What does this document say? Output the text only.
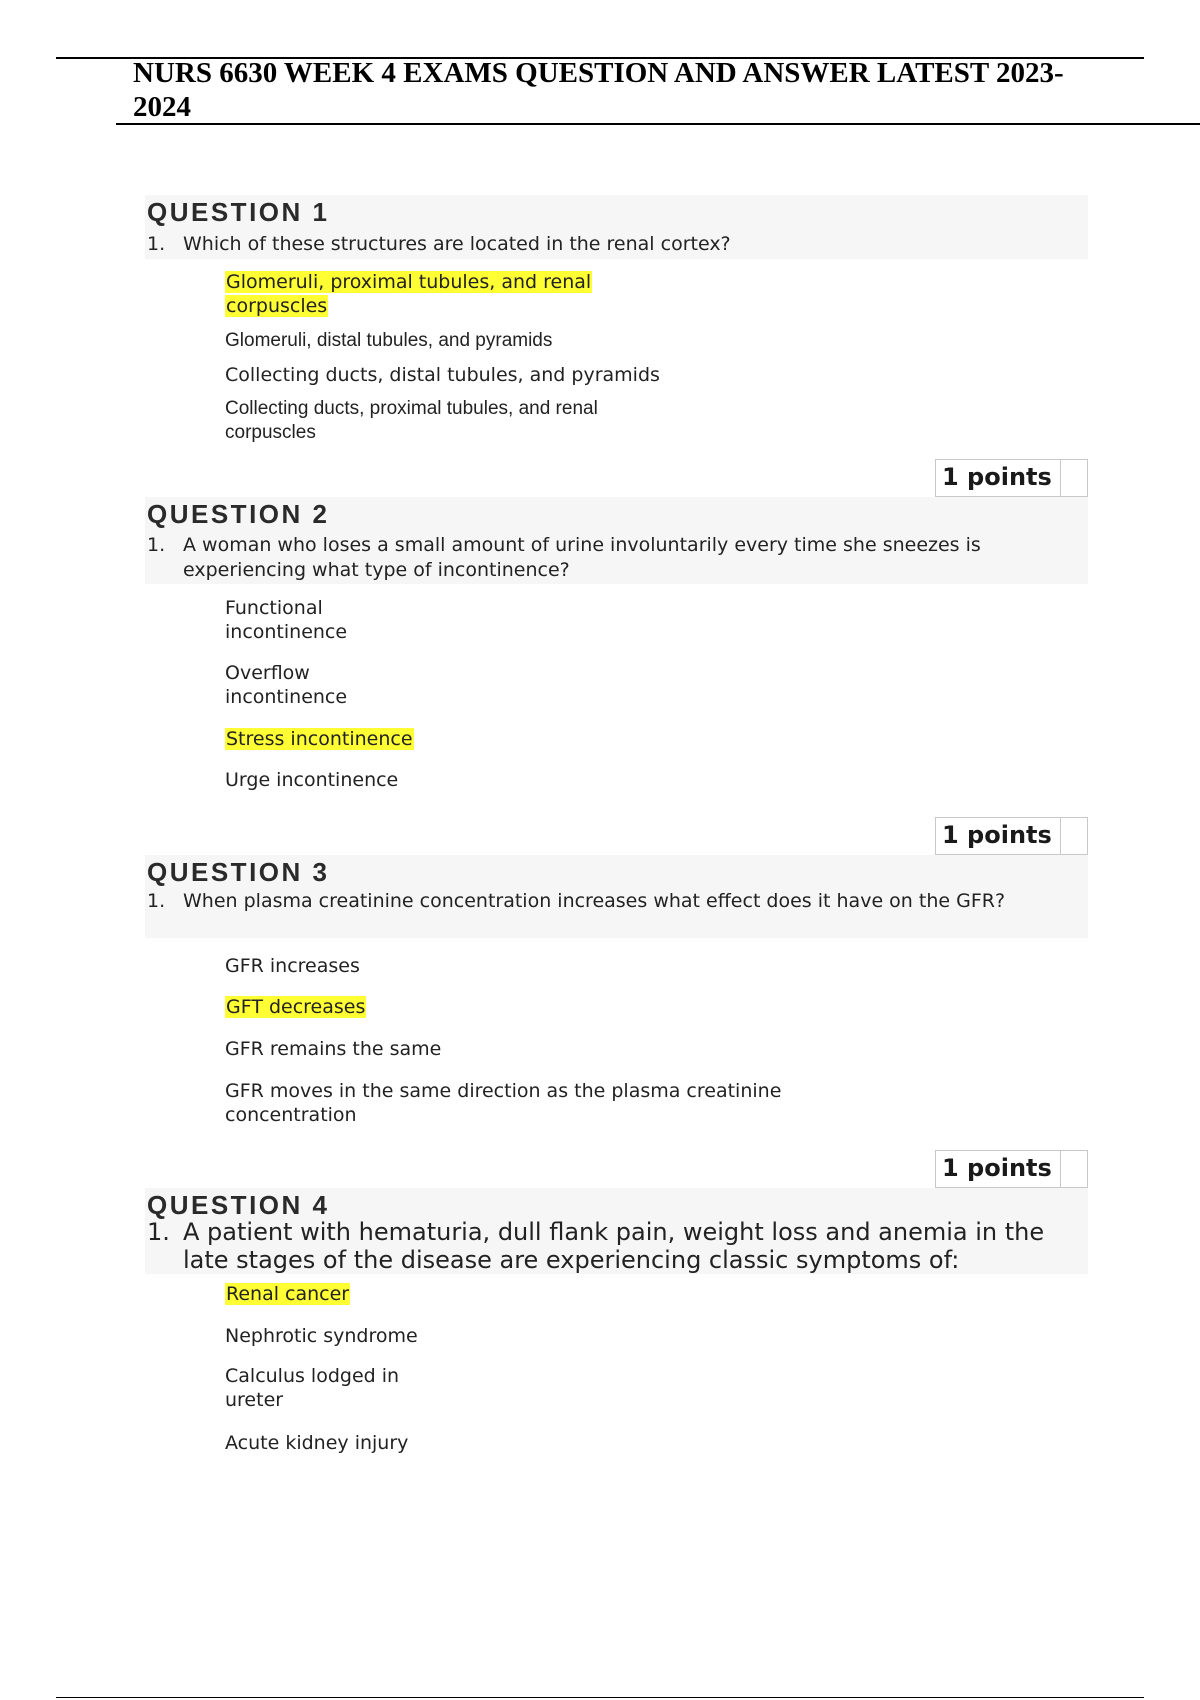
NURS 6630 WEEK 4 EXAMS QUESTION AND ANSWER LATEST 2023-2024
QUESTION 1
1. Which of these structures are located in the renal cortex?
Glomeruli, proximal tubules, and renal corpuscles
Glomeruli, distal tubules, and pyramids
Collecting ducts, distal tubules, and pyramids
Collecting ducts, proximal tubules, and renal corpuscles
1 points
QUESTION 2
1. A woman who loses a small amount of urine involuntarily every time she sneezes is experiencing what type of incontinence?
Functional incontinence
Overflow incontinence
Stress incontinence
Urge incontinence
1 points
QUESTION 3
1. When plasma creatinine concentration increases what effect does it have on the GFR?
GFR increases
GFT decreases
GFR remains the same
GFR moves in the same direction as the plasma creatinine concentration
1 points
QUESTION 4
1. A patient with hematuria, dull flank pain, weight loss and anemia in the late stages of the disease are experiencing classic symptoms of:
Renal cancer
Nephrotic syndrome
Calculus lodged in ureter
Acute kidney injury
